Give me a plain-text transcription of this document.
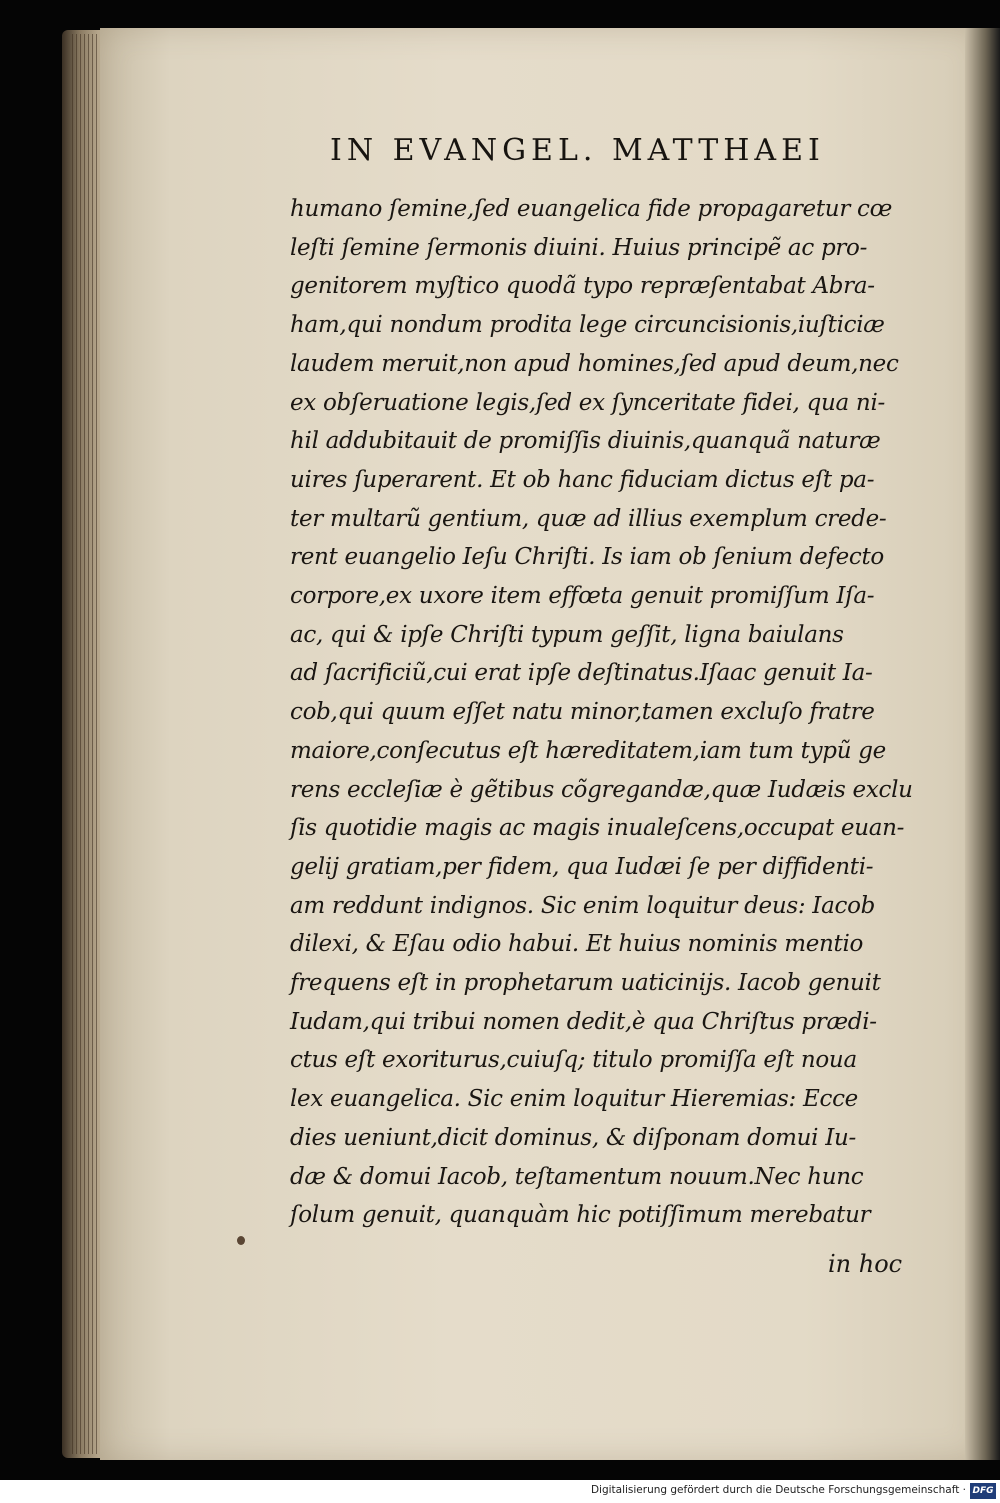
IN EVANGEL. MATTHAEI
humano ſemine,ſed euangelica fide propagaretur cœ
leſti ſemine ſermonis diuini. Huius principẽ ac pro-
genitorem myſtico quodã typo repræſentabat Abra-
ham,qui nondum prodita lege circuncisionis,iuſticiæ
laudem meruit,non apud homines,ſed apud deum,nec
ex obſeruatione legis,ſed ex ſynceritate fidei, qua ni-
hil addubitauit de promiſſis diuinis,quanquã naturæ
uires ſuperarent. Et ob hanc fiduciam dictus eſt pa-
ter multarũ gentium, quæ ad illius exemplum crede-
rent euangelio Ieſu Chriſti. Is iam ob ſenium defecto
corpore,ex uxore item effœta genuit promiſſum Iſa-
ac, qui & ipſe Chriſti typum geſſit, ligna baiulans
ad ſacrificiũ,cui erat ipſe deſtinatus.Iſaac genuit Ia-
cob,qui quum eſſet natu minor,tamen excluſo fratre
maiore,conſecutus eſt hæreditatem,iam tum typũ ge
rens eccleſiæ è gẽtibus cõgregandæ,quæ Iudæis exclu
ſis quotidie magis ac magis inualeſcens,occupat euan-
gelij gratiam,per fidem, qua Iudæi ſe per diffidenti-
am reddunt indignos. Sic enim loquitur deus: Iacob
dilexi, & Eſau odio habui. Et huius nominis mentio
frequens eſt in prophetarum uaticinijs. Iacob genuit
Iudam,qui tribui nomen dedit,è qua Chriſtus prædi-
ctus eſt exoriturus,cuiuſq; titulo promiſſa eſt noua
lex euangelica. Sic enim loquitur Hieremias: Ecce
dies ueniunt,dicit dominus, & diſponam domui Iu-
dæ & domui Iacob, teſtamentum nouum.Nec hunc
ſolum genuit, quanquàm hic potiſſimum merebatur
in hoc
Digitalisierung gefördert durch die Deutsche Forschungsgemeinschaft · DFG
